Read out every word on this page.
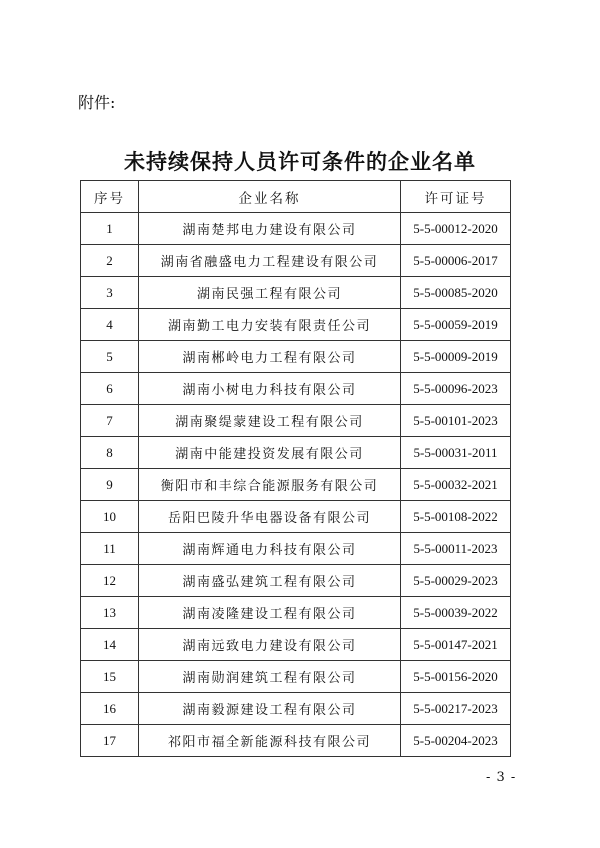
附件:
未持续保持人员许可条件的企业名单
序号	企业名称	许可证号
1	湖南楚邦电力建设有限公司	5-5-00012-2020
2	湖南省融盛电力工程建设有限公司	5-5-00006-2017
3	湖南民强工程有限公司	5-5-00085-2020
4	湖南勤工电力安装有限责任公司	5-5-00059-2019
5	湖南郴岭电力工程有限公司	5-5-00009-2019
6	湖南小树电力科技有限公司	5-5-00096-2023
7	湖南聚缇蒙建设工程有限公司	5-5-00101-2023
8	湖南中能建投资发展有限公司	5-5-00031-2011
9	衡阳市和丰综合能源服务有限公司	5-5-00032-2021
10	岳阳巴陵升华电器设备有限公司	5-5-00108-2022
11	湖南辉通电力科技有限公司	5-5-00011-2023
12	湖南盛弘建筑工程有限公司	5-5-00029-2023
13	湖南凌隆建设工程有限公司	5-5-00039-2022
14	湖南远致电力建设有限公司	5-5-00147-2021
15	湖南勋润建筑工程有限公司	5-5-00156-2020
16	湖南毅源建设工程有限公司	5-5-00217-2023
17	祁阳市福全新能源科技有限公司	5-5-00204-2023
- 3 -
